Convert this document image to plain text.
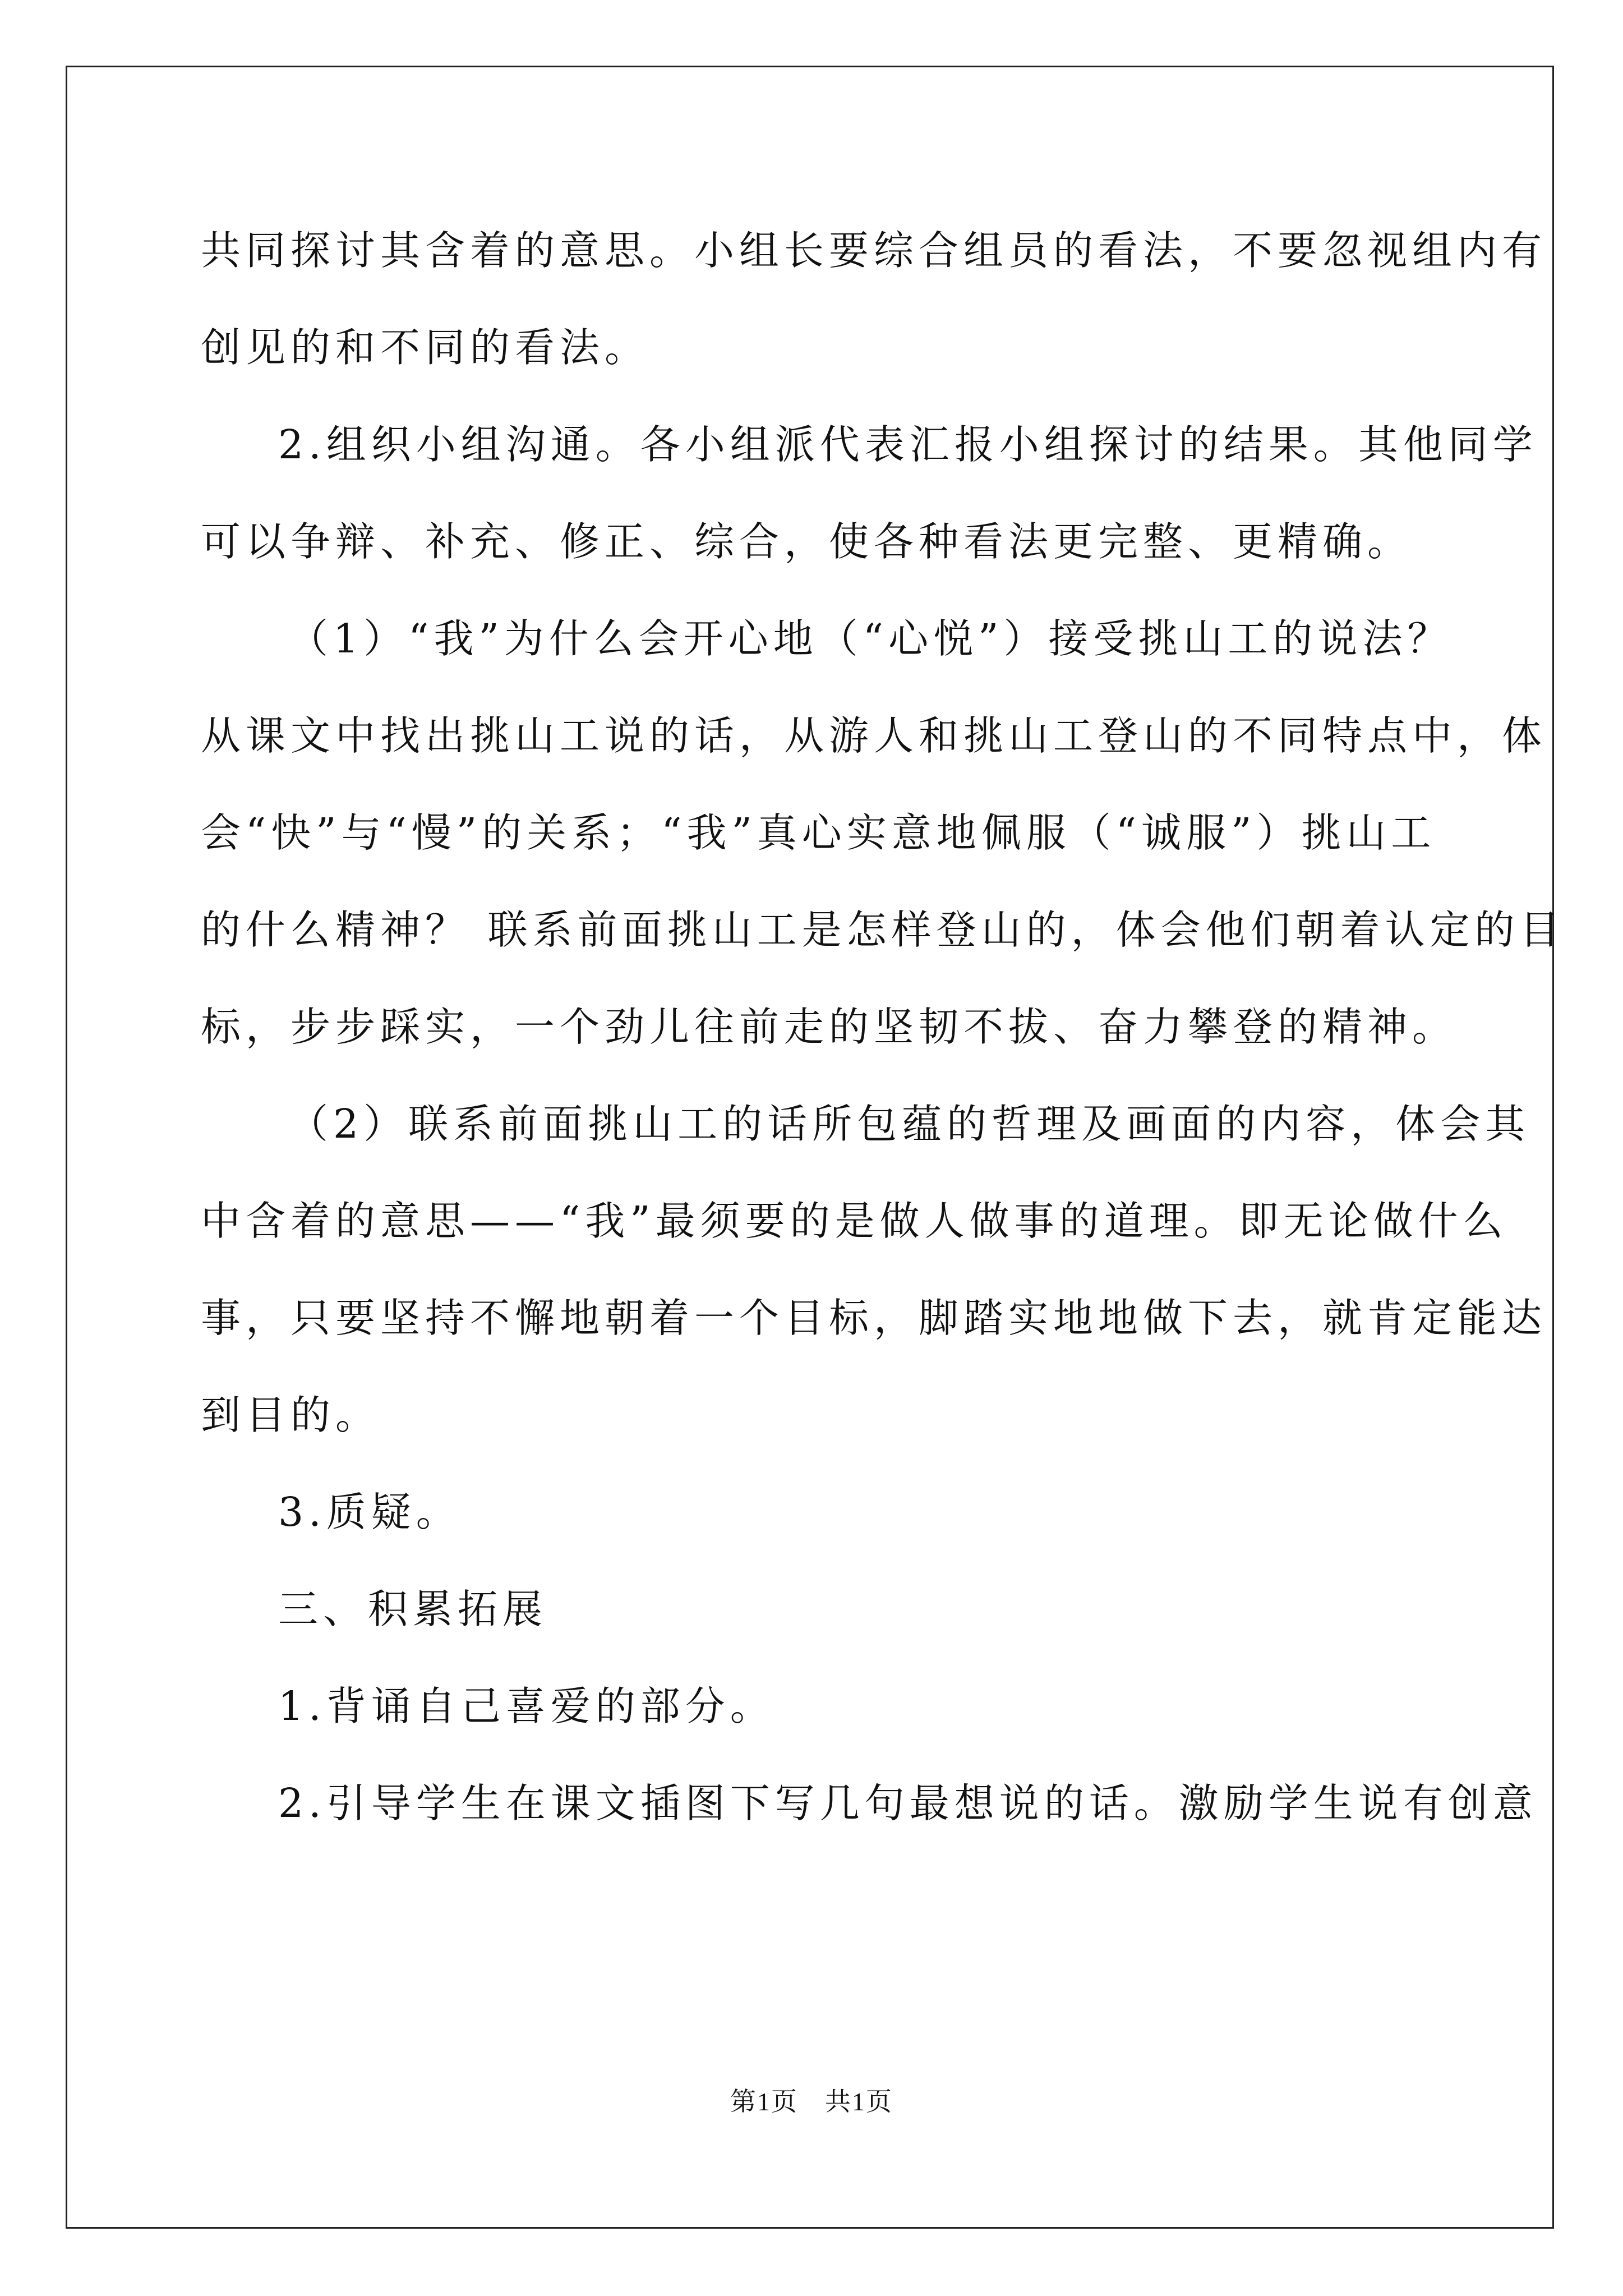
共同探讨其含着的意思。小组长要综合组员的看法，不要忽视组内有
创见的和不同的看法。
2.组织小组沟通。各小组派代表汇报小组探讨的结果。其他同学
可以争辩、补充、修正、综合，使各种看法更完整、更精确。
（1）“我”为什么会开心地（“心悦”）接受挑山工的说法？
从课文中找出挑山工说的话，从游人和挑山工登山的不同特点中，体
会“快”与“慢”的关系；“我”真心实意地佩服（“诚服”）挑山工
的什么精神？ 联系前面挑山工是怎样登山的，体会他们朝着认定的目
标，步步踩实，一个劲儿往前走的坚韧不拔、奋力攀登的精神。
（2）联系前面挑山工的话所包蕴的哲理及画面的内容，体会其
中含着的意思——“我”最须要的是做人做事的道理。即无论做什么
事，只要坚持不懈地朝着一个目标，脚踏实地地做下去，就肯定能达
到目的。
3.质疑。
三、积累拓展
1.背诵自己喜爱的部分。
2.引导学生在课文插图下写几句最想说的话。激励学生说有创意
第1页　共1页
